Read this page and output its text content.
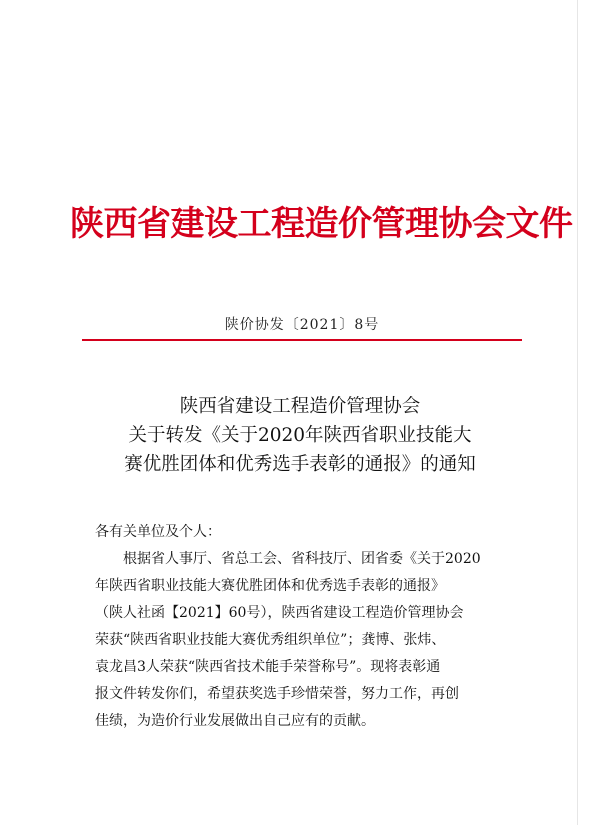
陕西省建设工程造价管理协会文件
陕价协发〔2021〕8号
陕西省建设工程造价管理协会
关于转发《关于2020年陕西省职业技能大
赛优胜团体和优秀选手表彰的通报》的通知
各有关单位及个人：
根据省人事厅、省总工会、省科技厅、团省委《关于2020
年陕西省职业技能大赛优胜团体和优秀选手表彰的通报》
（陕人社函【2021】60号），陕西省建设工程造价管理协会
荣获“陕西省职业技能大赛优秀组织单位”；龚博、张炜、
袁龙昌3人荣获“陕西省技术能手荣誉称号”。现将表彰通
报文件转发你们，希望获奖选手珍惜荣誉，努力工作，再创
佳绩，为造价行业发展做出自己应有的贡献。
